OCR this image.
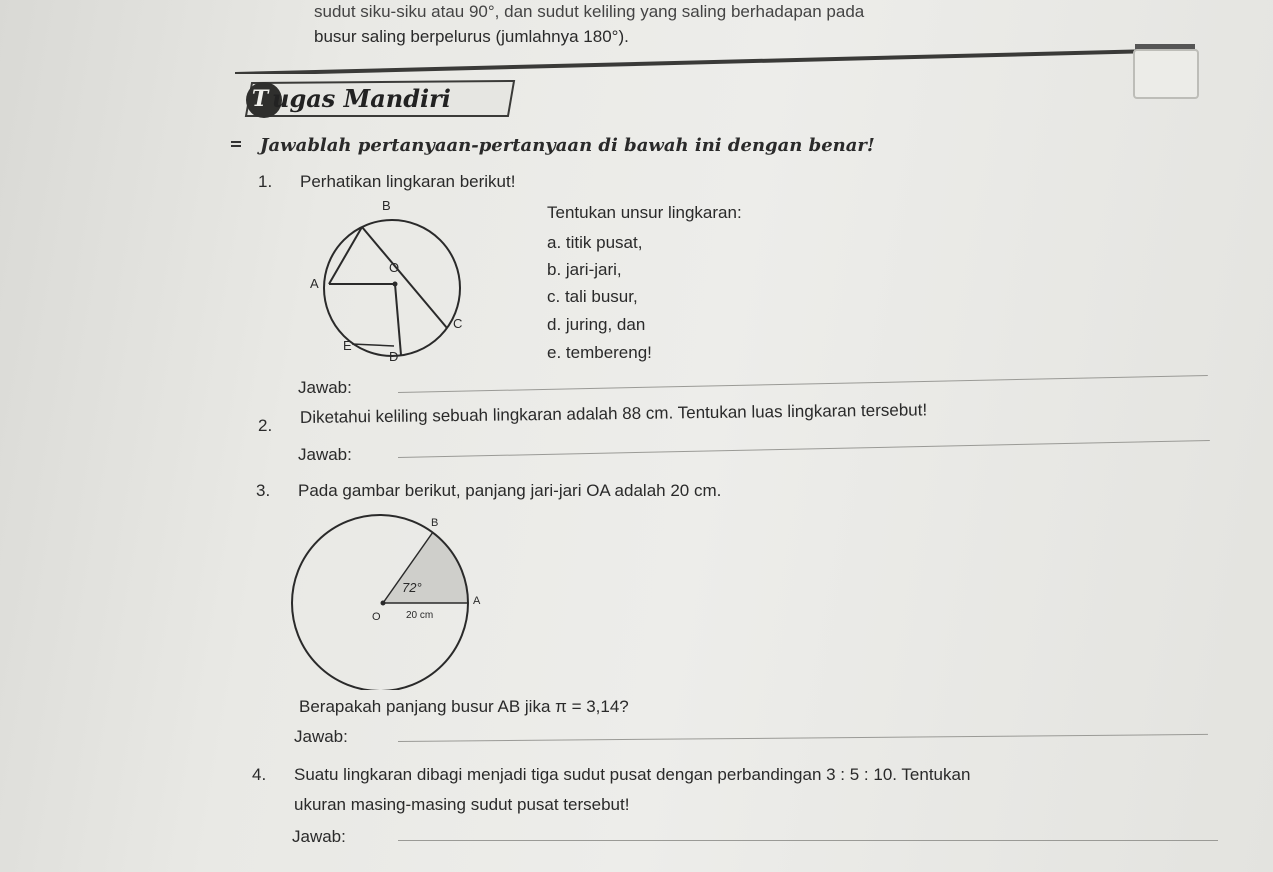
sudut siku-siku atau 90°, dan sudut keliling yang saling berhadapan pada
busur saling berpelurus (jumlahnya 180°).
T ugas Mandiri
Jawablah pertanyaan-pertanyaan di bawah ini dengan benar!
1. Perhatikan lingkaran berikut!
B
A
O
C
E
D
Tentukan unsur lingkaran:
a. titik pusat,
b. jari-jari,
c. tali busur,
d. juring, dan
e. tembereng!
Jawab:
2. Diketahui keliling sebuah lingkaran adalah 88 cm. Tentukan luas lingkaran tersebut!
Jawab:
3. Pada gambar berikut, panjang jari-jari OA adalah 20 cm.
B
A
O
72°
20 cm
Berapakah panjang busur AB jika π = 3,14?
Jawab:
4. Suatu lingkaran dibagi menjadi tiga sudut pusat dengan perbandingan 3 : 5 : 10. Tentukan
ukuran masing-masing sudut pusat tersebut!
Jawab:
